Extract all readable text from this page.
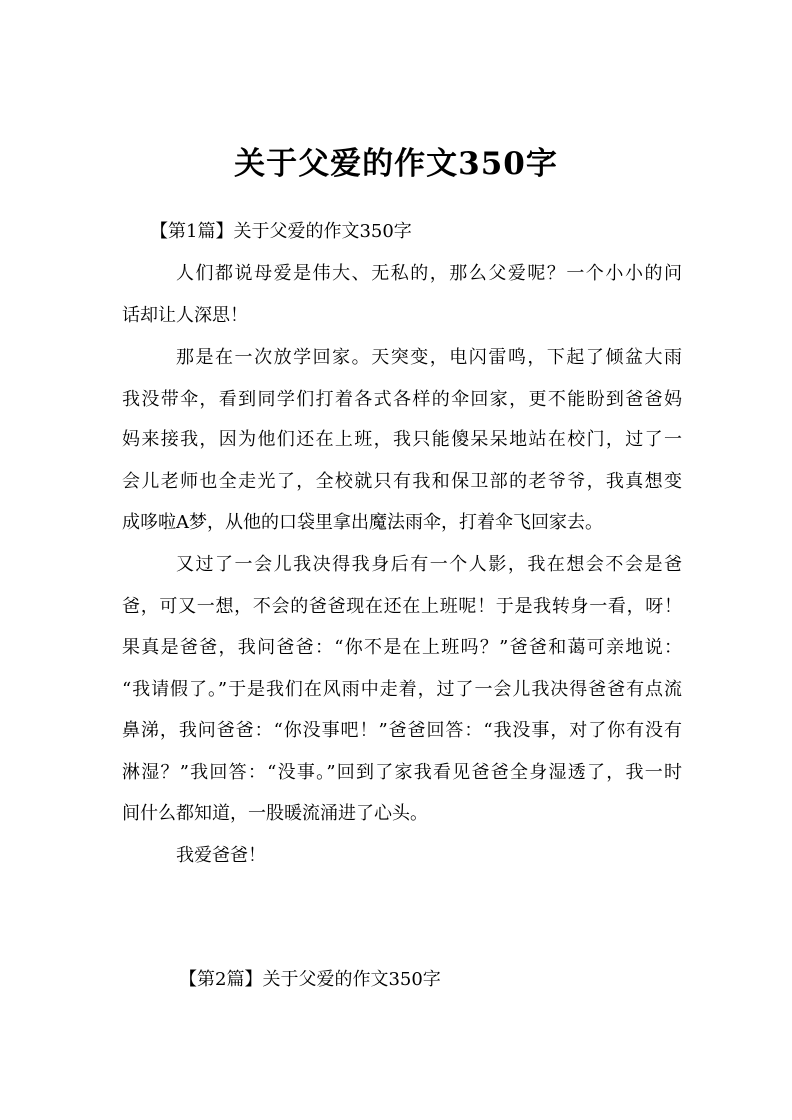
关于父爱的作文350字
【第1篇】关于父爱的作文350字
人们都说母爱是伟大、无私的，那么父爱呢？一个小小的问
话却让人深思！
那是在一次放学回家。天突变，电闪雷鸣，下起了倾盆大雨
我没带伞，看到同学们打着各式各样的伞回家，更不能盼到爸爸妈
妈来接我，因为他们还在上班，我只能傻呆呆地站在校门，过了一
会儿老师也全走光了，全校就只有我和保卫部的老爷爷，我真想变
成哆啦A梦，从他的口袋里拿出魔法雨伞，打着伞飞回家去。
又过了一会儿我决得我身后有一个人影，我在想会不会是爸
爸，可又一想，不会的爸爸现在还在上班呢！于是我转身一看，呀！
果真是爸爸，我问爸爸：“你不是在上班吗？”爸爸和蔼可亲地说：
“我请假了。”于是我们在风雨中走着，过了一会儿我决得爸爸有点流
鼻涕，我问爸爸：“你没事吧！”爸爸回答：“我没事，对了你有没有
淋湿？”我回答：“没事。”回到了家我看见爸爸全身湿透了，我一时
间什么都知道，一股暖流涌进了心头。
我爱爸爸！
【第2篇】关于父爱的作文350字
